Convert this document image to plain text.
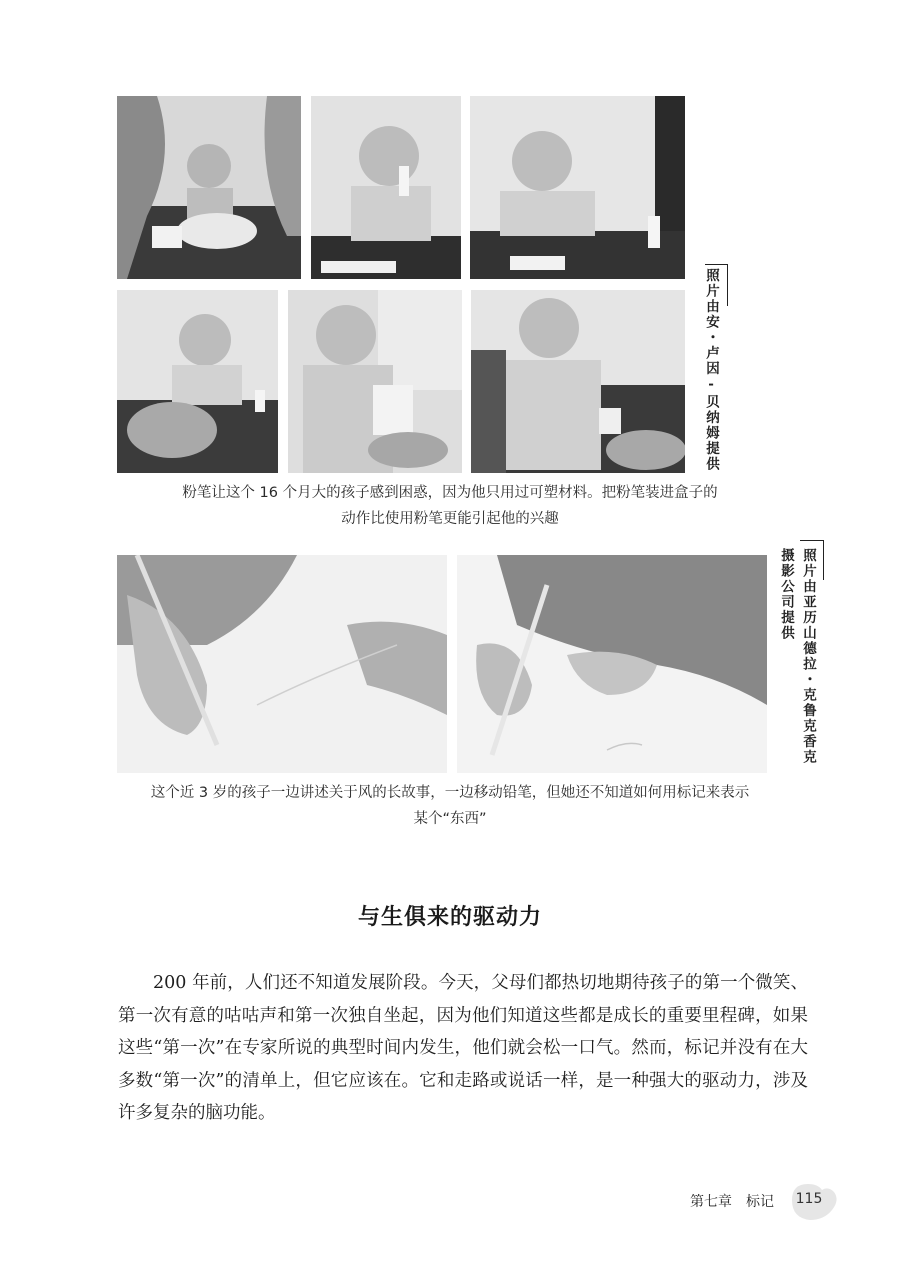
照片由安・卢因-贝纳姆提供
粉笔让这个 16 个月大的孩子感到困惑，因为他只用过可塑材料。把粉笔装进盒子的
动作比使用粉笔更能引起他的兴趣
照片由亚历山德拉・克鲁克香克
摄影公司提供
这个近 3 岁的孩子一边讲述关于风的长故事，一边移动铅笔，但她还不知道如何用标记来表示
某个“东西”
与生俱来的驱动力

200 年前，人们还不知道发展阶段。今天，父母们都热切地期待孩子的第一个微笑、第一次有意的咕咕声和第一次独自坐起，因为他们知道这些都是成长的重要里程碑，如果这些“第一次”在专家所说的典型时间内发生，他们就会松一口气。然而，标记并没有在大多数“第一次”的清单上，但它应该在。它和走路或说话一样，是一种强大的驱动力，涉及许多复杂的脑功能。

第七章 标记	115
